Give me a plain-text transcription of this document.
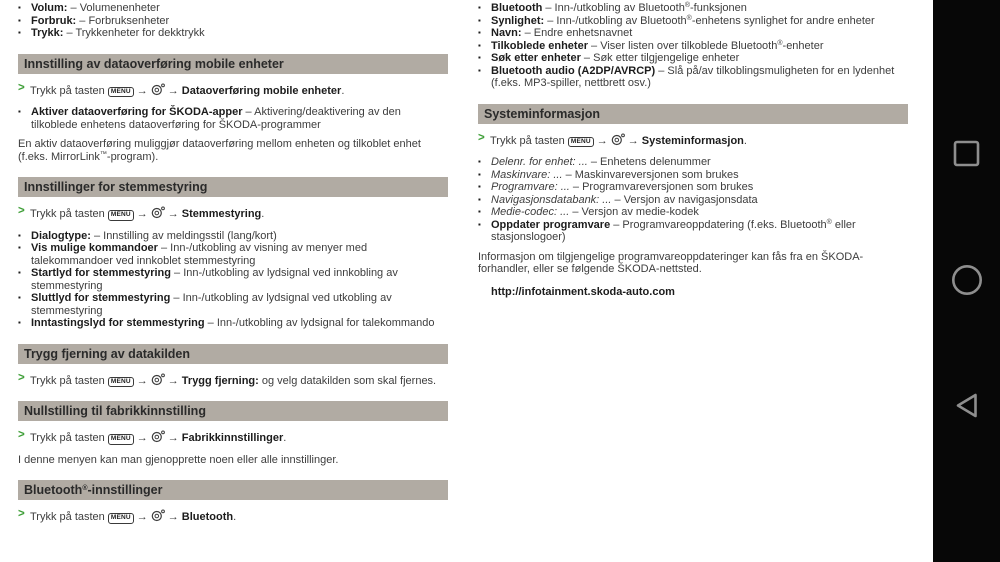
▪ Volum: – Volumenenheter
▪ Forbruk: – Forbruksenheter
▪ Trykk: – Trykkenheter for dekktrykk
Innstilling av dataoverføring mobile enheter
> Trykk på tasten MENU → → Dataoverføring mobile enheter.
▪ Aktiver dataoverføring for ŠKODA-apper – Aktivering/deaktivering av den tilkoblede enhetens dataoverføring for ŠKODA-programmer
En aktiv dataoverføring muliggjør dataoverføring mellom enheten og tilkoblet enhet (f.eks. MirrorLink™-program).
Innstillinger for stemmestyring
> Trykk på tasten MENU → → Stemmestyring.
▪ Dialogtype: – Innstilling av meldingsstil (lang/kort)
▪ Vis mulige kommandoer – Inn-/utkobling av visning av menyer med talekommandoer ved innkoblet stemmestyring
▪ Startlyd for stemmestyring – Inn-/utkobling av lydsignal ved innkobling av stemmestyring
▪ Sluttlyd for stemmestyring – Inn-/utkobling av lydsignal ved utkobling av stemmestyring
▪ Inntastingslyd for stemmestyring – Inn-/utkobling av lydsignal for talekommando
Trygg fjerning av datakilden
> Trykk på tasten MENU → → Trygg fjerning: og velg datakilden som skal fjernes.
Nullstilling til fabrikkinnstilling
> Trykk på tasten MENU → → Fabrikkinnstillinger.
I denne menyen kan man gjenopprette noen eller alle innstillinger.
Bluetooth®-innstillinger
> Trykk på tasten MENU → → Bluetooth.
▪ Bluetooth – Inn-/utkobling av Bluetooth®-funksjonen
▪ Synlighet: – Inn-/utkobling av Bluetooth®-enhetens synlighet for andre enheter
▪ Navn: – Endre enhetsnavnet
▪ Tilkoblede enheter – Viser listen over tilkoblede Bluetooth®-enheter
▪ Søk etter enheter – Søk etter tilgjengelige enheter
▪ Bluetooth audio (A2DP/AVRCP) – Slå på/av tilkoblingsmuligheten for en lydenhet (f.eks. MP3-spiller, nettbrett osv.)
Systeminformasjon
> Trykk på tasten MENU → → Systeminformasjon.
▪ Delenr. for enhet: ... – Enhetens delenummer
▪ Maskinvare: ... – Maskinvareversjonen som brukes
▪ Programvare: ... – Programvareversjonen som brukes
▪ Navigasjonsdatabank: ... – Versjon av navigasjonsdata
▪ Medie-codec: ... – Versjon av medie-kodek
▪ Oppdater programvare – Programvareoppdatering (f.eks. Bluetooth® eller stasjonslogoer)
Informasjon om tilgjengelige programvareoppdateringer kan fås fra en ŠKODA-forhandler, eller se følgende ŠKODA-nettsted.
http://infotainment.skoda-auto.com
